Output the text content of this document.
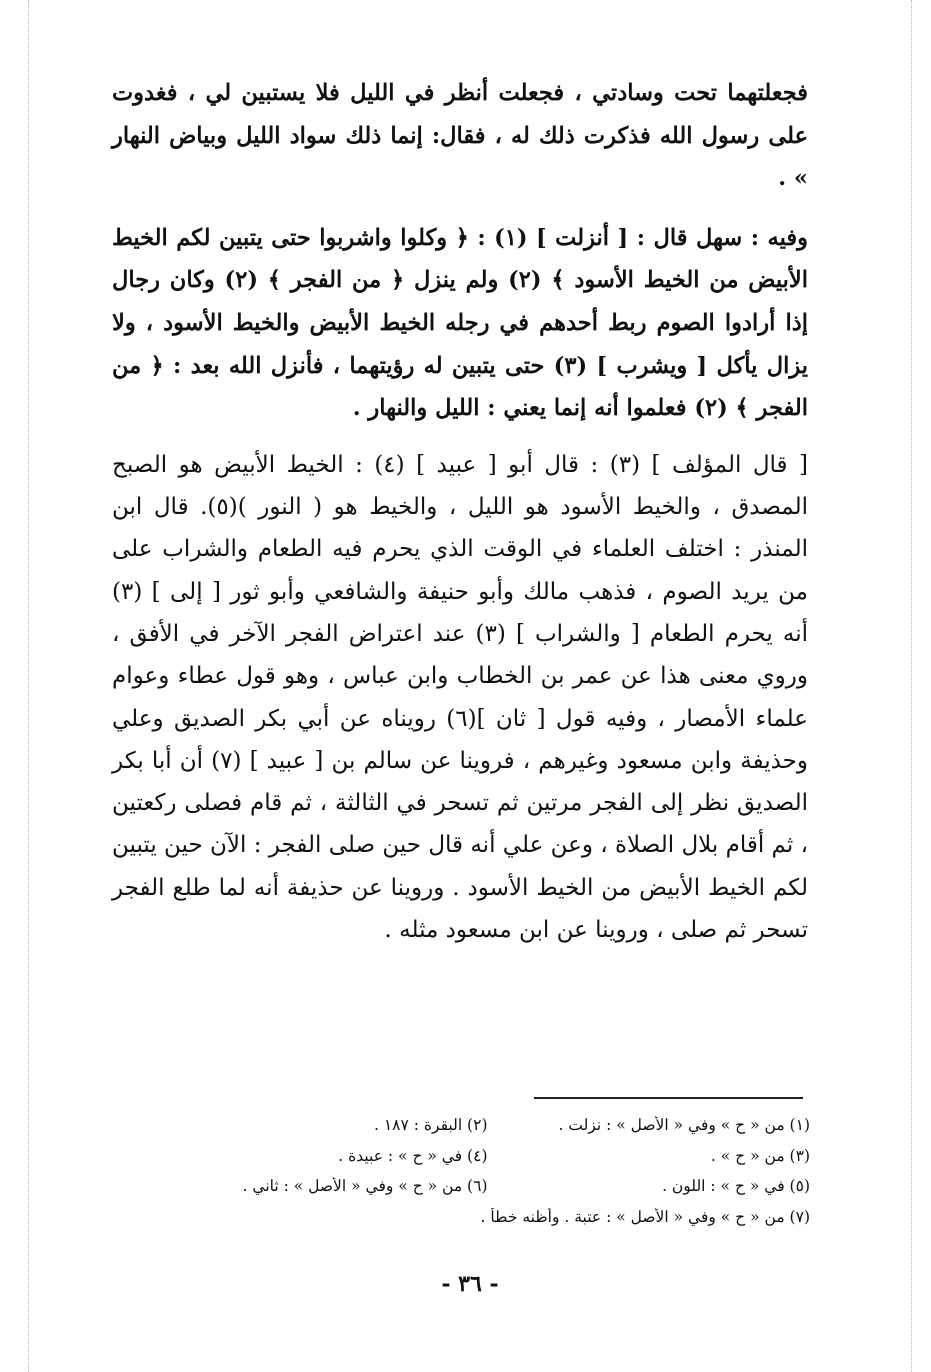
فجعلتهما تحت وسادتي ، فجعلت أنظر في الليل فلا يستبين لي ، فغدوت على رسول الله فذكرت ذلك له ، فقال: إنما ذلك سواد الليل وبياض النهار » .

وفيه : سهل قال : [ أنزلت ] (١) : ﴿ وكلوا واشربوا حتى يتبين لكم الخيط الأبيض من الخيط الأسود ﴾ (٢) ولم ينزل ﴿ من الفجر ﴾ (٢) وكان رجال إذا أرادوا الصوم ربط أحدهم في رجله الخيط الأبيض والخيط الأسود ، ولا يزال يأكل [ ويشرب ] (٣) حتى يتبين له رؤيتهما ، فأنزل الله بعد : ﴿ من الفجر ﴾ (٢) فعلموا أنه إنما يعني : الليل والنهار .

[ قال المؤلف ] (٣) : قال أبو [ عبيد ] (٤) : الخيط الأبيض هو الصبح المصدق ، والخيط الأسود هو الليل ، والخيط هو ( النور )(٥). قال ابن المنذر : اختلف العلماء في الوقت الذي يحرم فيه الطعام والشراب على من يريد الصوم ، فذهب مالك وأبو حنيفة والشافعي وأبو ثور [ إلى ] (٣) أنه يحرم الطعام [ والشراب ] (٣) عند اعتراض الفجر الآخر في الأفق ، وروي معنى هذا عن عمر بن الخطاب وابن عباس ، وهو قول عطاء وعوام علماء الأمصار ، وفيه قول [ ثان ](٦) رويناه عن أبي بكر الصديق وعلي وحذيفة وابن مسعود وغيرهم ، فروينا عن سالم بن [ عبيد ] (٧) أن أبا بكر الصديق نظر إلى الفجر مرتين ثم تسحر في الثالثة ، ثم قام فصلى ركعتين ، ثم أقام بلال الصلاة ، وعن علي أنه قال حين صلى الفجر : الآن حين يتبين لكم الخيط الأبيض من الخيط الأسود . وروينا عن حذيفة أنه لما طلع الفجر تسحر ثم صلى ، وروينا عن ابن مسعود مثله .

(١) من « ح » وفي « الأصل » : نزلت .
(٢) البقرة : ١٨٧ .
(٣) من « ح » .
(٤) في « ح » : عبيدة .
(٥) في « ح » : اللون .
(٦) من « ح » وفي « الأصل » : ثاني .
(٧) من « ح » وفي « الأصل » : عتبة . وأظنه خطأ .
- ٣٦ -
